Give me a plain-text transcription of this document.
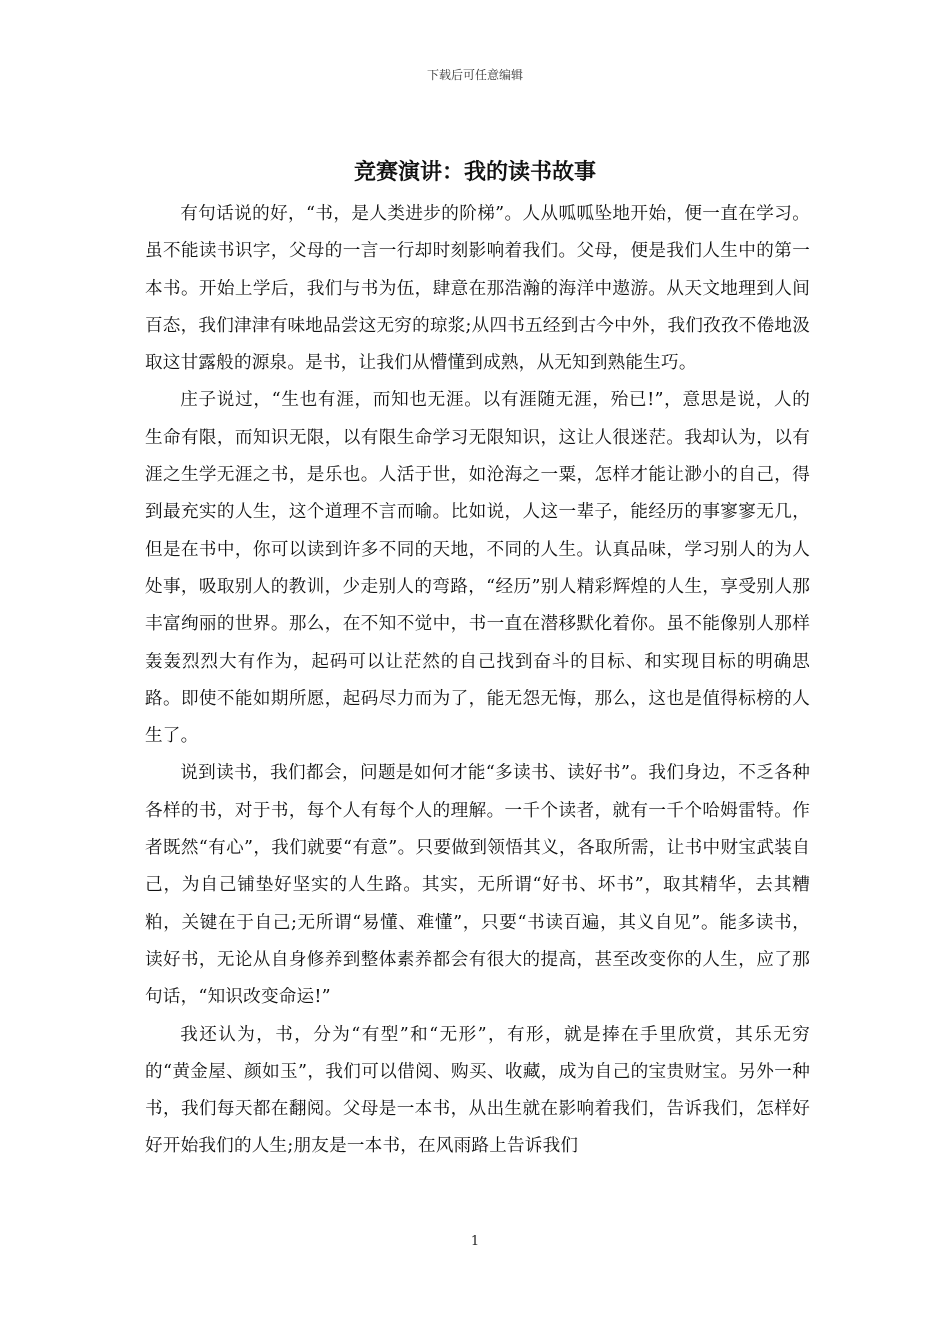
下载后可任意编辑
竞赛演讲：我的读书故事

有句话说的好，“书，是人类进步的阶梯”。人从呱呱坠地开始，便一直在学习。虽不能读书识字，父母的一言一行却时刻影响着我们。父母，便是我们人生中的第一本书。开始上学后，我们与书为伍，肆意在那浩瀚的海洋中遨游。从天文地理到人间百态，我们津津有味地品尝这无穷的琼浆;从四书五经到古今中外，我们孜孜不倦地汲取这甘露般的源泉。是书，让我们从懵懂到成熟，从无知到熟能生巧。

庄子说过，“生也有涯，而知也无涯。以有涯随无涯，殆已!”，意思是说，人的生命有限，而知识无限，以有限生命学习无限知识，这让人很迷茫。我却认为，以有涯之生学无涯之书，是乐也。人活于世，如沧海之一粟，怎样才能让渺小的自己，得到最充实的人生，这个道理不言而喻。比如说，人这一辈子，能经历的事寥寥无几，但是在书中，你可以读到许多不同的天地，不同的人生。认真品味，学习别人的为人处事，吸取别人的教训，少走别人的弯路，“经历”别人精彩辉煌的人生，享受别人那丰富绚丽的世界。那么，在不知不觉中，书一直在潜移默化着你。虽不能像别人那样轰轰烈烈大有作为，起码可以让茫然的自己找到奋斗的目标、和实现目标的明确思路。即使不能如期所愿，起码尽力而为了，能无怨无悔，那么，这也是值得标榜的人生了。

说到读书，我们都会，问题是如何才能“多读书、读好书”。我们身边，不乏各种各样的书，对于书，每个人有每个人的理解。一千个读者，就有一千个哈姆雷特。作者既然“有心”，我们就要“有意”。只要做到领悟其义，各取所需，让书中财宝武装自己，为自己铺垫好坚实的人生路。其实，无所谓“好书、坏书”，取其精华，去其糟粕，关键在于自己;无所谓“易懂、难懂”，只要“书读百遍，其义自见”。能多读书，读好书，无论从自身修养到整体素养都会有很大的提高，甚至改变你的人生，应了那句话，“知识改变命运!”

我还认为，书，分为“有型”和“无形”，有形，就是捧在手里欣赏，其乐无穷的“黄金屋、颜如玉”，我们可以借阅、购买、收藏，成为自己的宝贵财宝。另外一种书，我们每天都在翻阅。父母是一本书，从出生就在影响着我们，告诉我们，怎样好好开始我们的人生;朋友是一本书，在风雨路上告诉我们

1
